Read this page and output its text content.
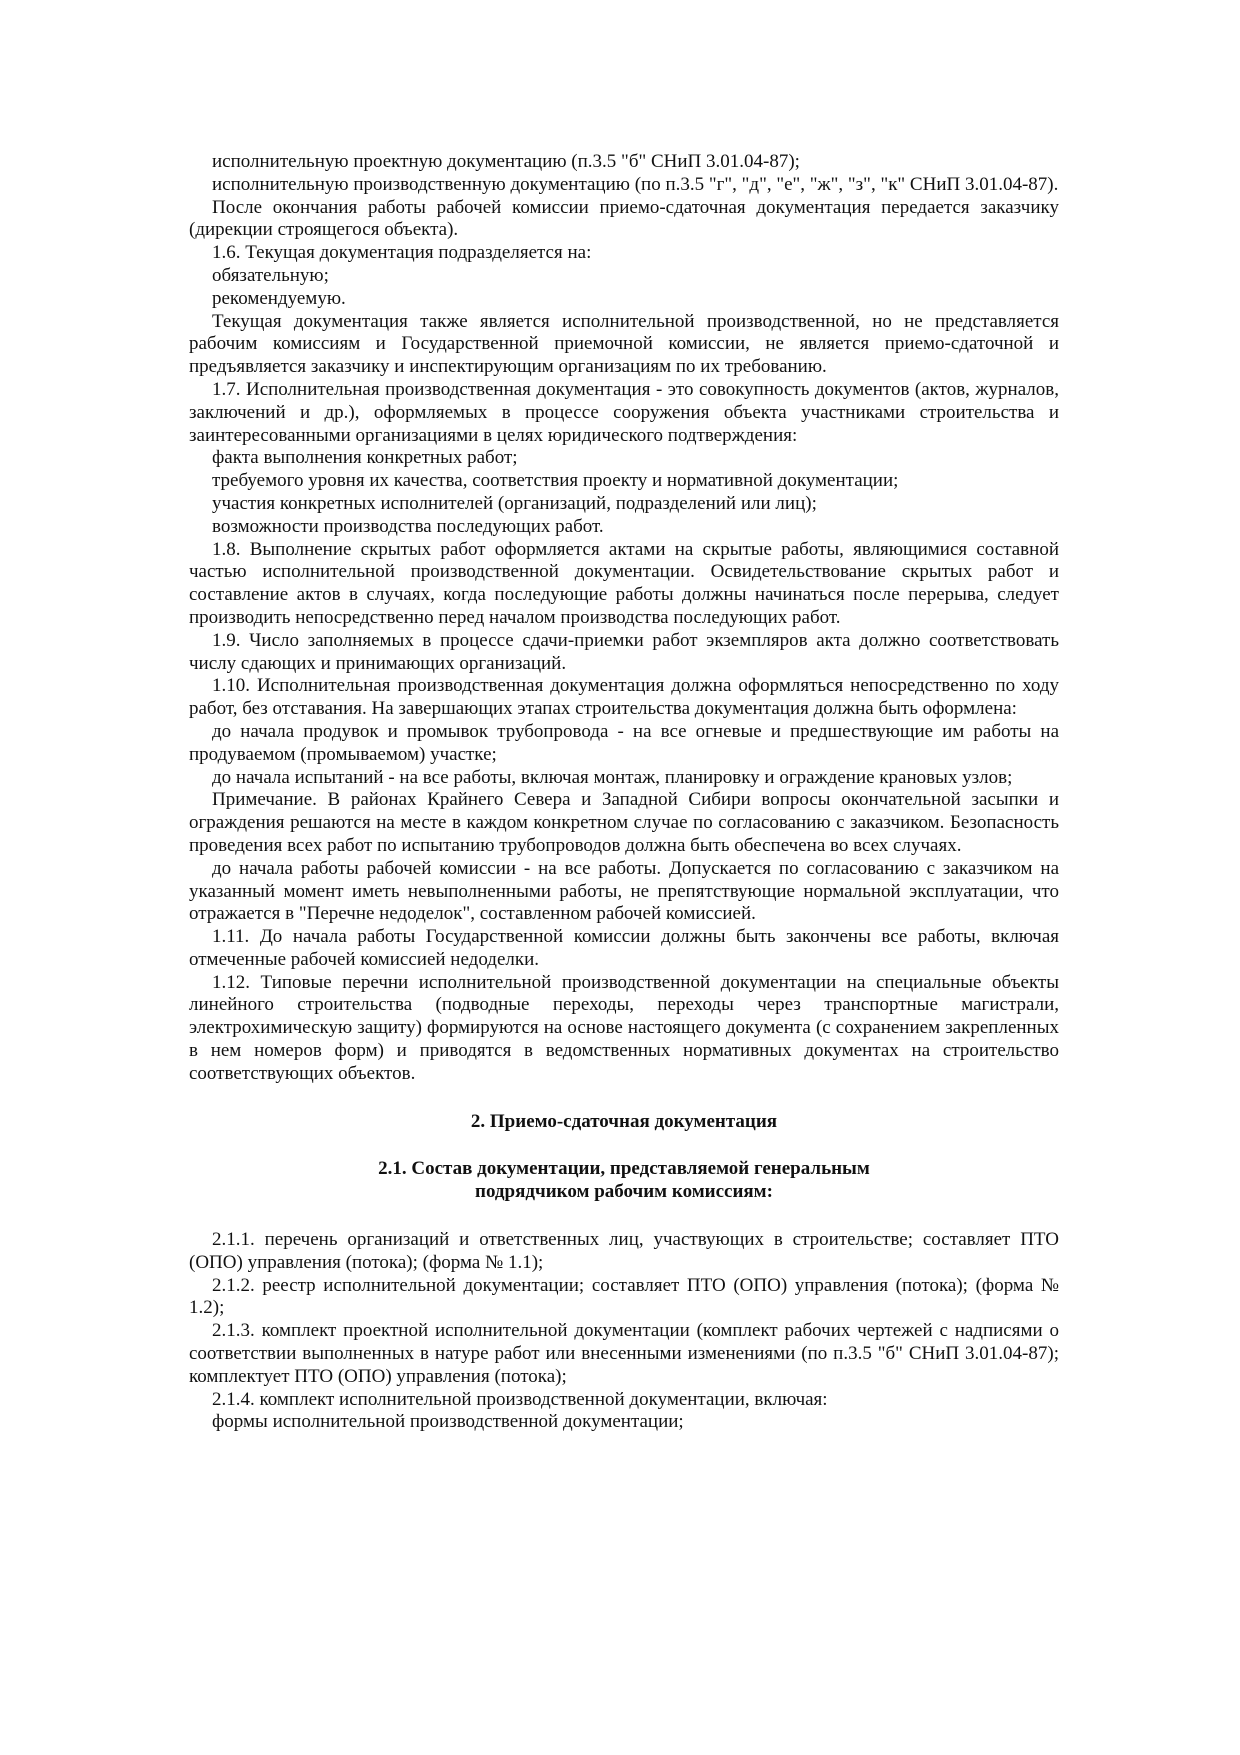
исполнительную проектную документацию (п.3.5 "б" СНиП 3.01.04-87);

исполнительную производственную документацию (по п.3.5 "г", "д", "е", "ж", "з", "к" СНиП 3.01.04-87).

После окончания работы рабочей комиссии приемо-сдаточная документация передается заказчику (дирекции строящегося объекта).

1.6. Текущая документация подразделяется на:

обязательную;

рекомендуемую.

Текущая документация также является исполнительной производственной, но не представляется рабочим комиссиям и Государственной приемочной комиссии, не является приемо-сдаточной и предъявляется заказчику и инспектирующим организациям по их требованию.

1.7. Исполнительная производственная документация - это совокупность документов (актов, журналов, заключений и др.), оформляемых в процессе сооружения объекта участниками строительства и заинтересованными организациями в целях юридического подтверждения:

факта выполнения конкретных работ;

требуемого уровня их качества, соответствия проекту и нормативной документации;

участия конкретных исполнителей (организаций, подразделений или лиц);

возможности производства последующих работ.

1.8. Выполнение скрытых работ оформляется актами на скрытые работы, являющимися составной частью исполнительной производственной документации. Освидетельствование скрытых работ и составление актов в случаях, когда последующие работы должны начинаться после перерыва, следует производить непосредственно перед началом производства последующих работ.

1.9. Число заполняемых в процессе сдачи-приемки работ экземпляров акта должно соответствовать числу сдающих и принимающих организаций.

1.10. Исполнительная производственная документация должна оформляться непосредственно по ходу работ, без отставания. На завершающих этапах строительства документация должна быть оформлена:

до начала продувок и промывок трубопровода - на все огневые и предшествующие им работы на продуваемом (промываемом) участке;

до начала испытаний - на все работы, включая монтаж, планировку и ограждение крановых узлов;

Примечание. В районах Крайнего Севера и Западной Сибири вопросы окончательной засыпки и ограждения решаются на месте в каждом конкретном случае по согласованию с заказчиком. Безопасность проведения всех работ по испытанию трубопроводов должна быть обеспечена во всех случаях.

до начала работы рабочей комиссии - на все работы. Допускается по согласованию с заказчиком на указанный момент иметь невыполненными работы, не препятствующие нормальной эксплуатации, что отражается в "Перечне недоделок", составленном рабочей комиссией.

1.11. До начала работы Государственной комиссии должны быть закончены все работы, включая отмеченные рабочей комиссией недоделки.

1.12. Типовые перечни исполнительной производственной документации на специальные объекты линейного строительства (подводные переходы, переходы через транспортные магистрали, электрохимическую защиту) формируются на основе настоящего документа (с сохранением закрепленных в нем номеров форм) и приводятся в ведомственных нормативных документах на строительство соответствующих объектов.

2. Приемо-сдаточная документация

2.1. Состав документации, представляемой генеральным
подрядчиком рабочим комиссиям:

2.1.1. перечень организаций и ответственных лиц, участвующих в строительстве; составляет ПТО (ОПО) управления (потока); (форма № 1.1);

2.1.2. реестр исполнительной документации; составляет ПТО (ОПО) управления (потока); (форма № 1.2);

2.1.3. комплект проектной исполнительной документации (комплект рабочих чертежей с надписями о соответствии выполненных в натуре работ или внесенными изменениями (по п.3.5 "б" СНиП 3.01.04-87); комплектует ПТО (ОПО) управления (потока);

2.1.4. комплект исполнительной производственной документации, включая:

формы исполнительной производственной документации;
